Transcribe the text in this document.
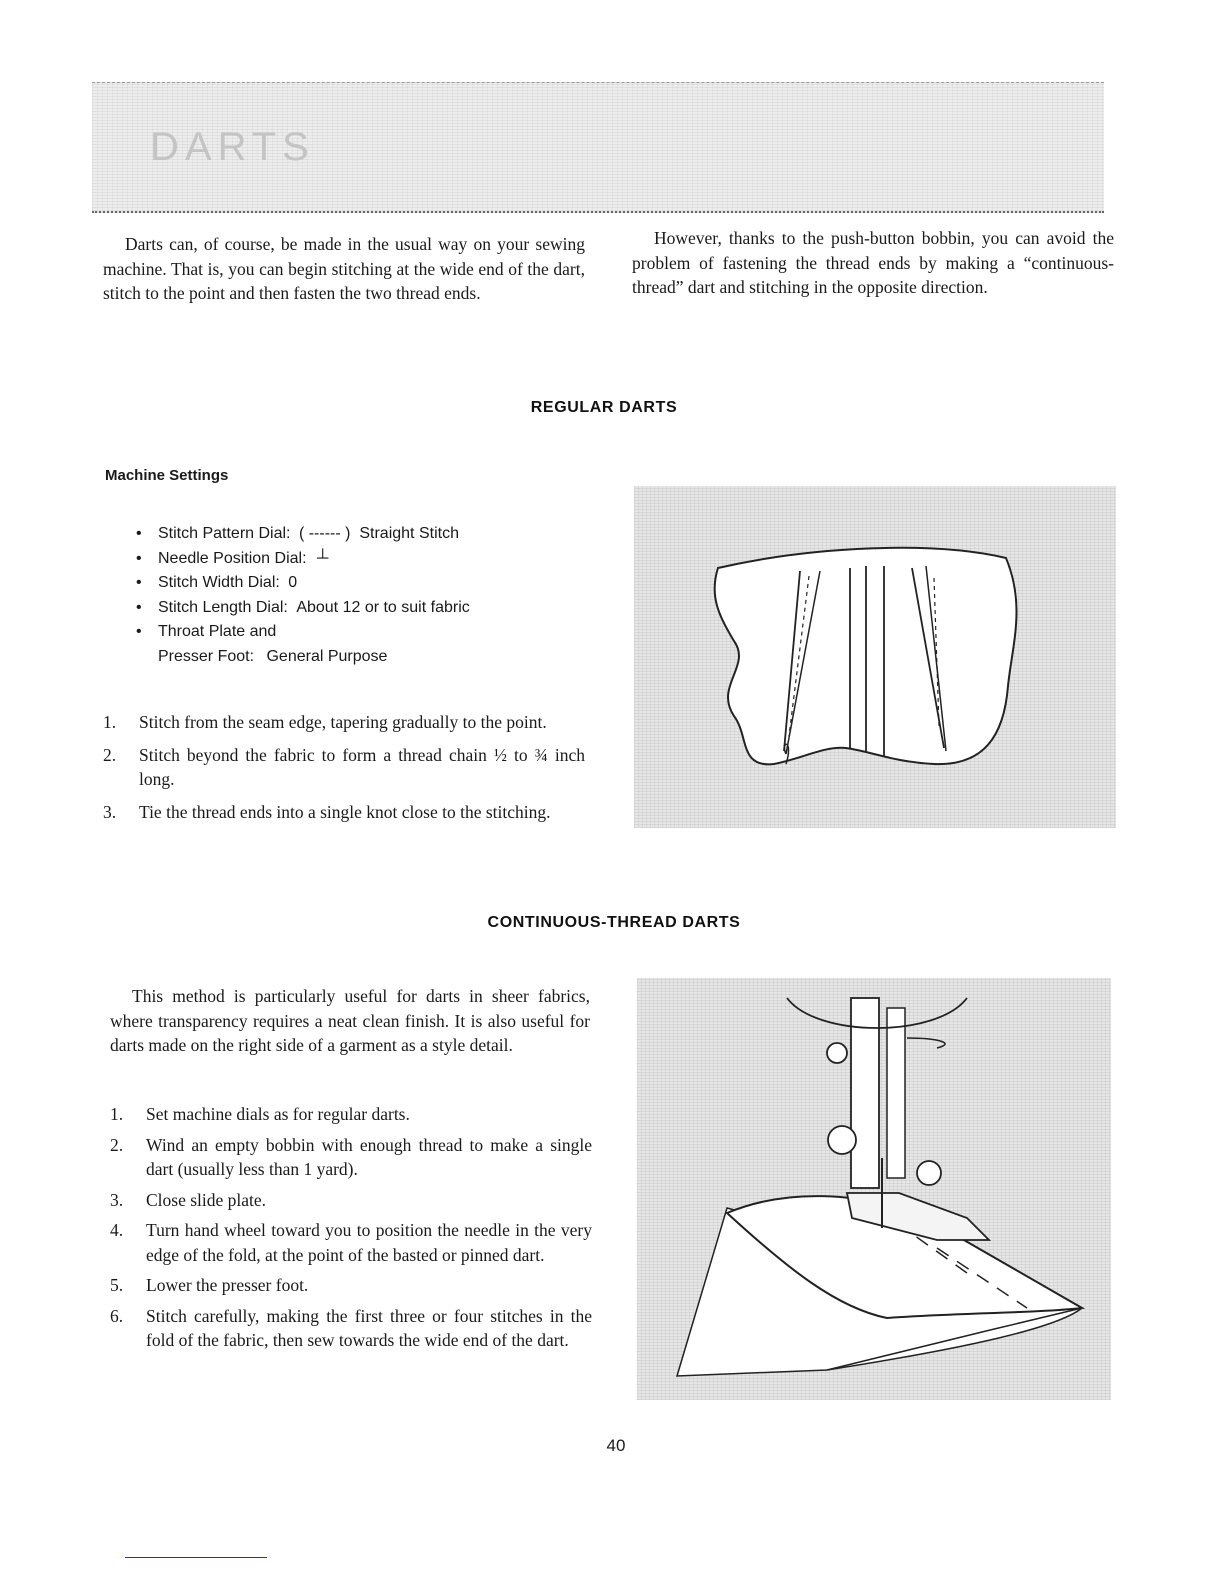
DARTS

Darts can, of course, be made in the usual way on your sewing machine. That is, you can begin stitching at the wide end of the dart, stitch to the point and then fasten the two thread ends.

However, thanks to the push-button bobbin, you can avoid the problem of fastening the thread ends by making a “continuous-thread” dart and stitching in the opposite direction.

REGULAR DARTS
Machine Settings
• Stitch Pattern Dial: ( ------ )  Straight Stitch
• Needle Position Dial: ┴
• Stitch Width Dial: 0
• Stitch Length Dial: About 12 or to suit fabric
• Throat Plate and
Presser Foot: General Purpose
1. Stitch from the seam edge, tapering gradually to the point.
2. Stitch beyond the fabric to form a thread chain ½ to ¾ inch long.
3. Tie the thread ends into a single knot close to the stitching.
CONTINUOUS-THREAD DARTS

This method is particularly useful for darts in sheer fabrics, where transparency requires a neat clean finish. It is also useful for darts made on the right side of a garment as a style detail.

1. Set machine dials as for regular darts.
2. Wind an empty bobbin with enough thread to make a single dart (usually less than 1 yard).
3. Close slide plate.
4. Turn hand wheel toward you to position the needle in the very edge of the fold, at the point of the basted or pinned dart.
5. Lower the presser foot.
6. Stitch carefully, making the first three or four stitches in the fold of the fabric, then sew towards the wide end of the dart.
40
